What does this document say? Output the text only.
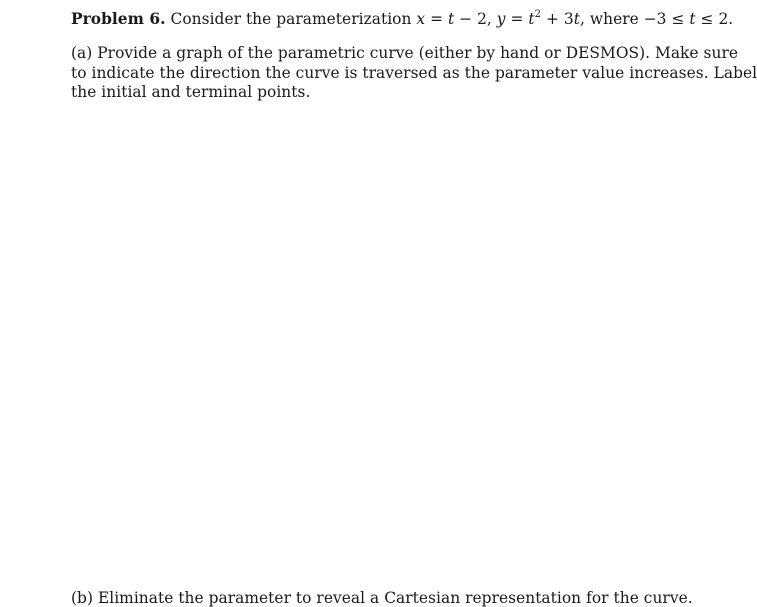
Problem 6. Consider the parameterization x = t − 2, $y = t^2 + 3t$, where −3 ≤ t ≤ 2.
(a) Provide a graph of the parametric curve (either by hand or DESMOS). Make sure
to indicate the direction the curve is traversed as the parameter value increases. Label
the initial and terminal points.
(b) Eliminate the parameter to reveal a Cartesian representation for the curve.
